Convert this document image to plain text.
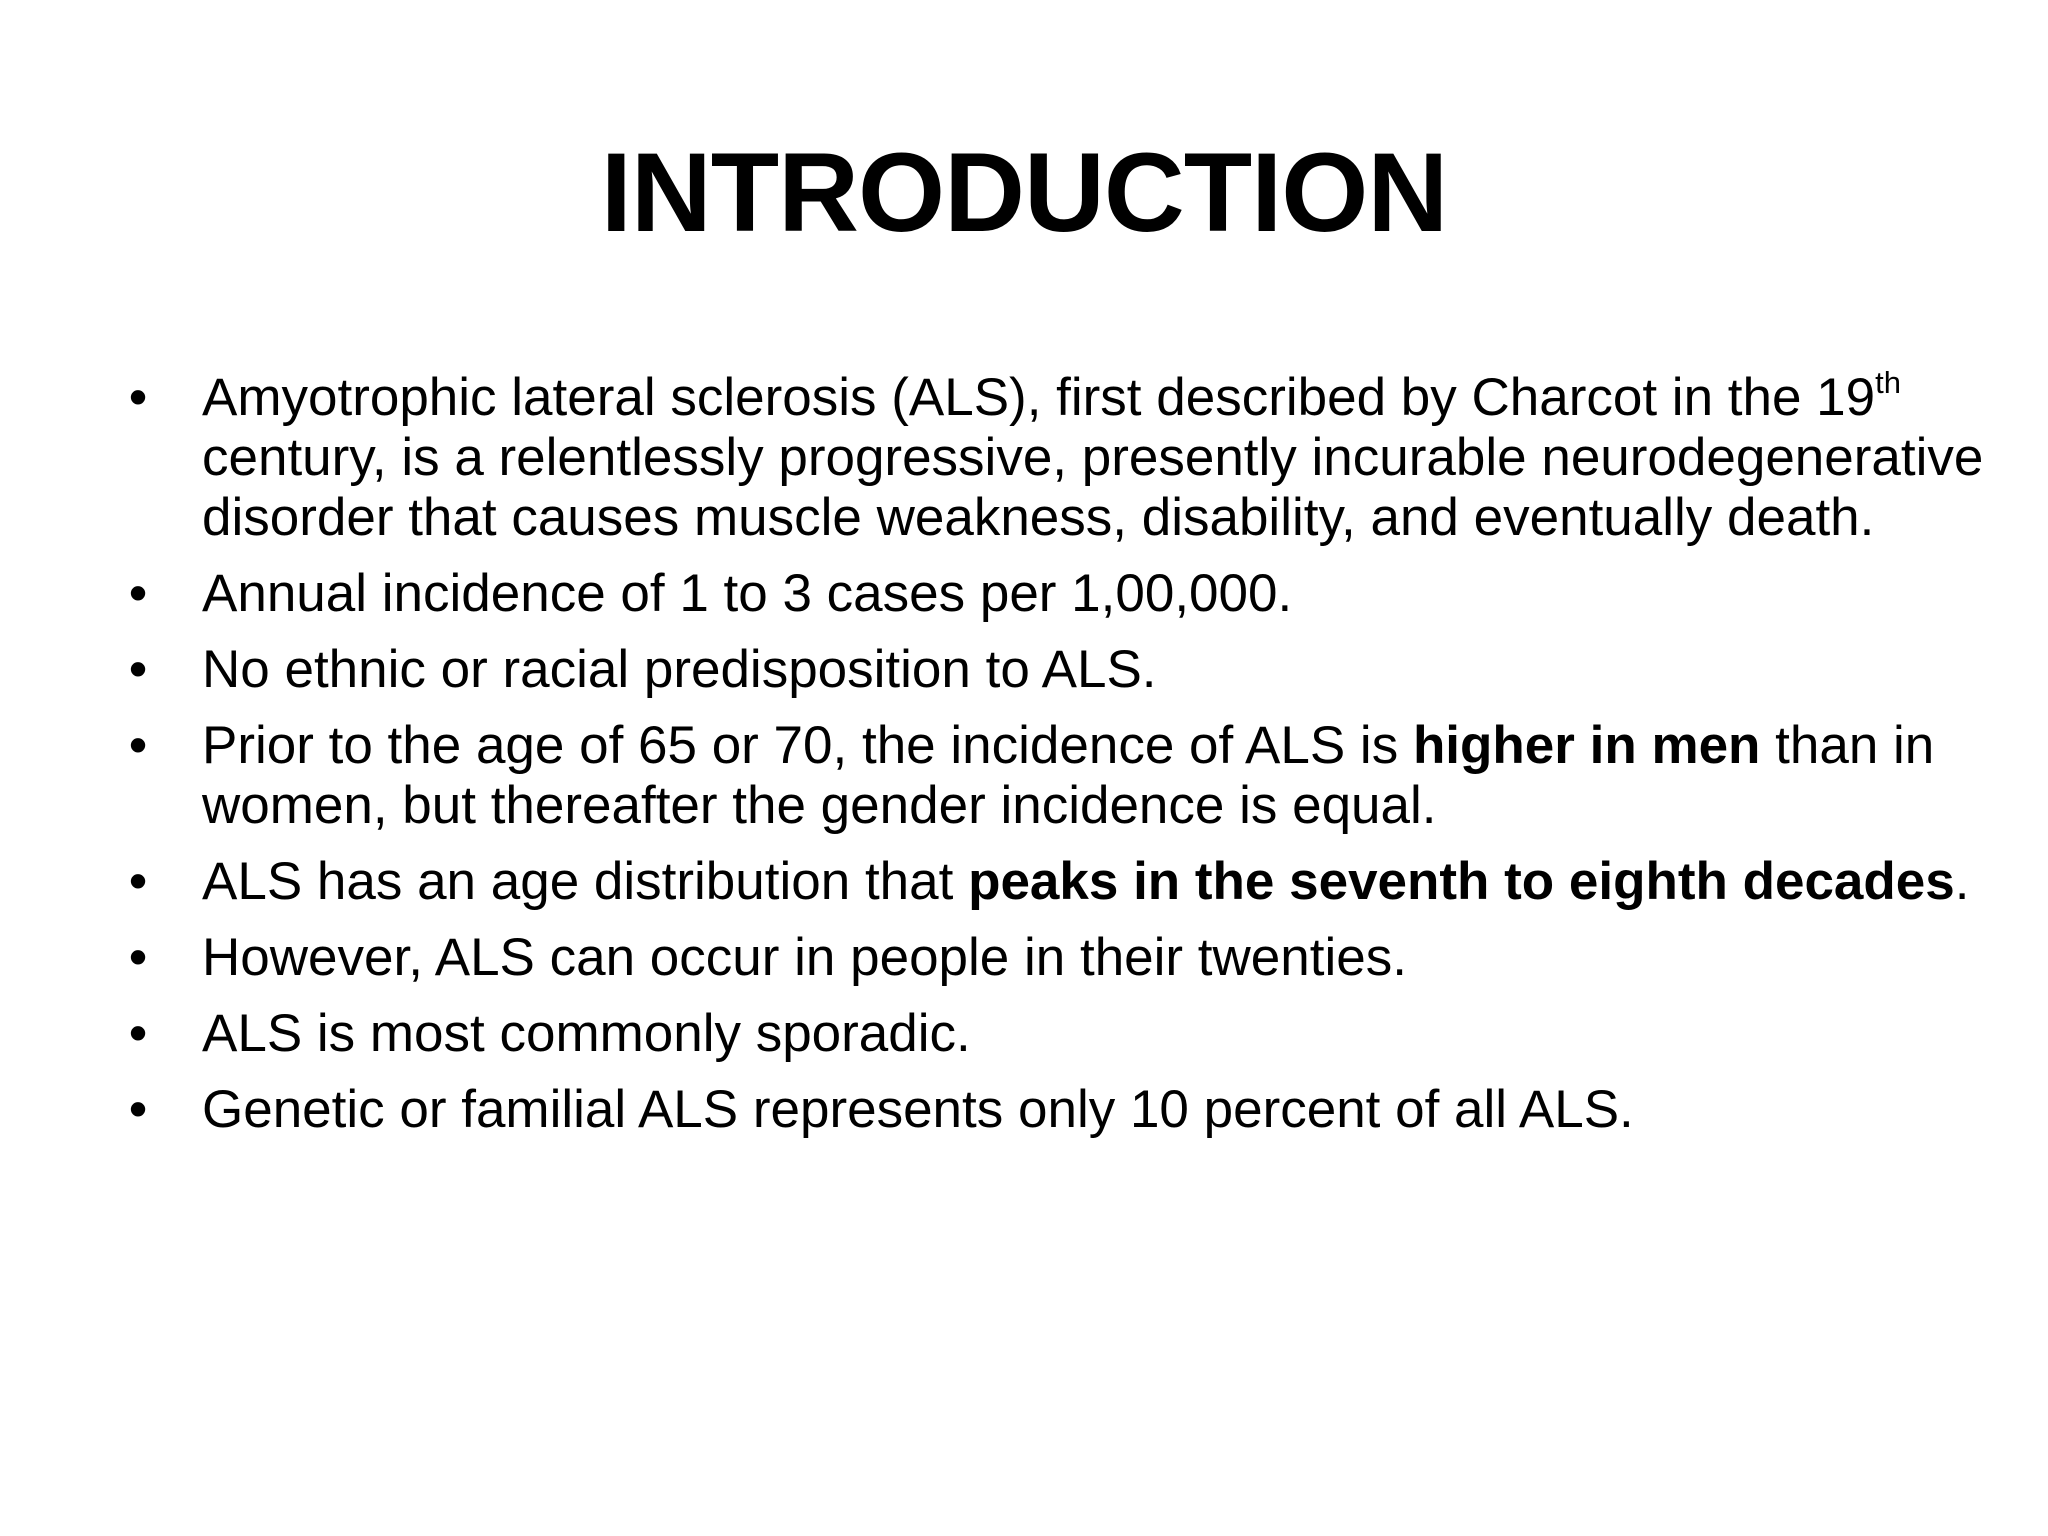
INTRODUCTION
• Amyotrophic lateral sclerosis (ALS), first described by Charcot in the 19th century, is a relentlessly progressive, presently incurable neurodegenerative disorder that causes muscle weakness, disability, and eventually death.
• Annual incidence of 1 to 3 cases per 1,00,000.
• No ethnic or racial predisposition to ALS.
• Prior to the age of 65 or 70, the incidence of ALS is higher in men than in women, but thereafter the gender incidence is equal.
• ALS has an age distribution that peaks in the seventh to eighth decades.
• However, ALS can occur in people in their twenties.
• ALS is most commonly sporadic.
• Genetic or familial ALS represents only 10 percent of all ALS.
